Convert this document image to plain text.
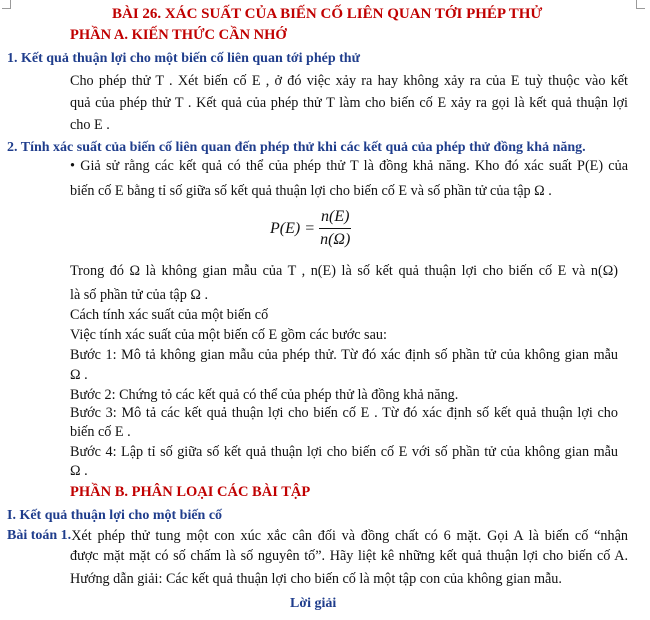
BÀI 26. XÁC SUẤT CỦA BIẾN CỐ LIÊN QUAN TỚI PHÉP THỬ
PHẦN A. KIẾN THỨC CẦN NHỚ
1. Kết quả thuận lợi cho một biến cố liên quan tới phép thử
Cho phép thử T . Xét biến cố E , ở đó việc xảy ra hay không xảy ra của E tuỳ thuộc vào kết
quả của phép thử T . Kết quả của phép thử T làm cho biến cố E xảy ra gọi là kết quả thuận lợi
cho E .
2. Tính xác suất của biến cố liên quan đến phép thử khi các kết quả của phép thử đồng khả năng.
• Giả sử rằng các kết quả có thể của phép thử T là đồng khả năng. Kho đó xác suất P(E) của
biến cố E bằng tỉ số giữa số kết quả thuận lợi cho biến cố E và số phần tử của tập Ω .
$P(E) = \frac{n(E)}{n(\Omega)}$
Trong đó Ω là không gian mẫu của T , n(E) là số kết quả thuận lợi cho biến cố E và n(Ω)
là số phần tử của tập Ω .
Cách tính xác suất của một biến cố
Việc tính xác suất của một biến cố E gồm các bước sau:
Bước 1: Mô tả không gian mẫu của phép thử. Từ đó xác định số phần tử của không gian mẫu
Ω .
Bước 2: Chứng tỏ các kết quả có thể của phép thử là đồng khả năng.
Bước 3: Mô tả các kết quả thuận lợi cho biến cố E . Từ đó xác định số kết quả thuận lợi cho
biến cố E .
Bước 4: Lập tỉ số giữa số kết quả thuận lợi cho biến cố E với số phần tử của không gian mẫu
Ω .
PHẦN B. PHÂN LOẠI CÁC BÀI TẬP
I. Kết quả thuận lợi cho một biến cố
Bài toán 1. Xét phép thử tung một con xúc xắc cân đối và đồng chất có 6 mặt. Gọi A là biến cố “nhận
được mặt mặt có số chấm là số nguyên tố”. Hãy liệt kê những kết quả thuận lợi cho biến cố A.
Hướng dẫn giải: Các kết quả thuận lợi cho biến cố là một tập con của không gian mẫu.
Lời giải
